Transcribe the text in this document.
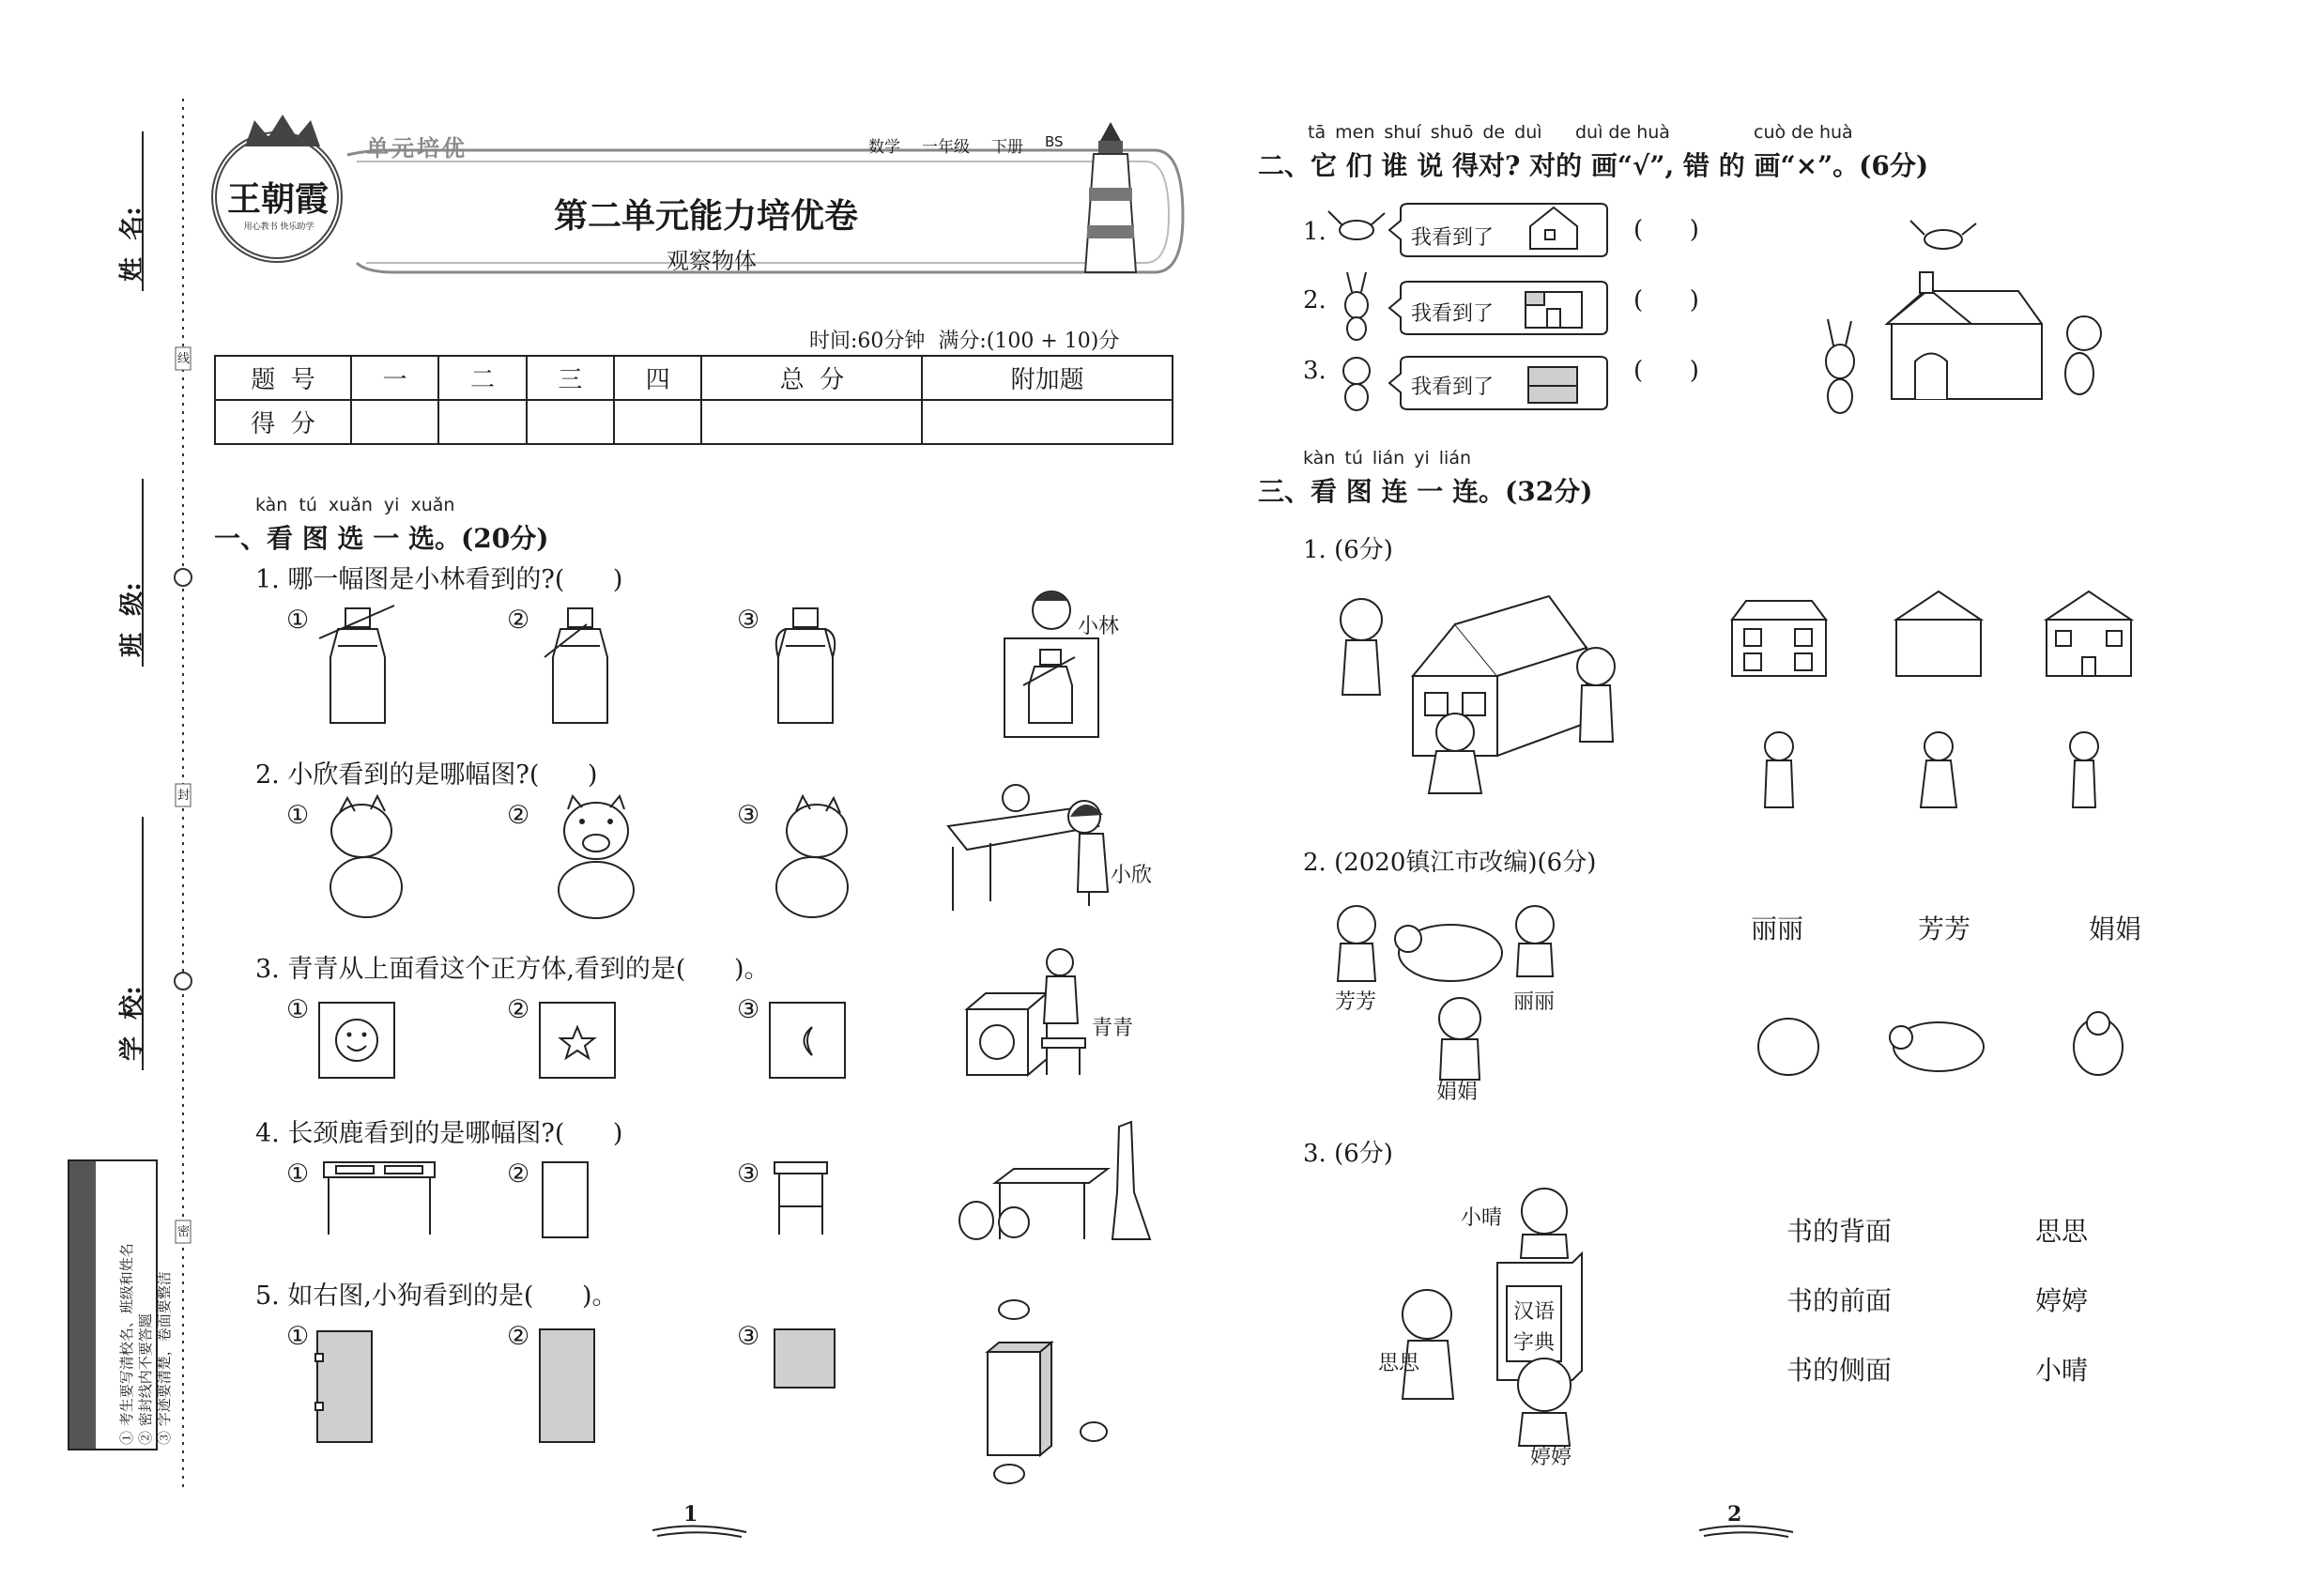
线
封
密
姓  名:
班  级:
学  校:
注意事项 ① 考生要写清校名、班级和姓名 ② 密封线内不要答题 ③ 字迹要清楚，卷面要整洁
王朝霞
用心教书 快乐助学
单元培优	数学 一年级 下册 BS
第二单元能力培优卷
观察物体
时间:60分钟  满分:(100 + 10)分
题  号	一	二	三	四	总  分	附加题
得  分						
kàn tú xuǎn yi xuǎn
一、看 图 选 一 选。(20分)
1. 哪一幅图是小林看到的?(      )
①	②	③	小林
2. 小欣看到的是哪幅图?(      )
①	②	③
小欣
3. 青青从上面看这个正方体,看到的是(      )。
①	②	③
青青
4. 长颈鹿看到的是哪幅图?(      )
①	②	③
5. 如右图,小狗看到的是(      )。
①	②	③
1
tā men shuí shuō de duì duì de huà	cuò de huà
二、它 们 谁 说 得对? 对的 画“√”, 错 的 画“×”。(6分)
1.
2.
3.
我看到了
我看到了
我看到了
(      )
(      )
(      )
kàn tú lián yi lián
三、看 图 连 一 连。(32分)
1. (6分)
2. (2020镇江市改编)(6分)
芳芳	丽丽
娟娟
丽丽	芳芳	娟娟
3. (6分)
汉语
字典
小晴
思思
婷婷
书的背面
书的前面
书的侧面
思思
婷婷
小晴
2
